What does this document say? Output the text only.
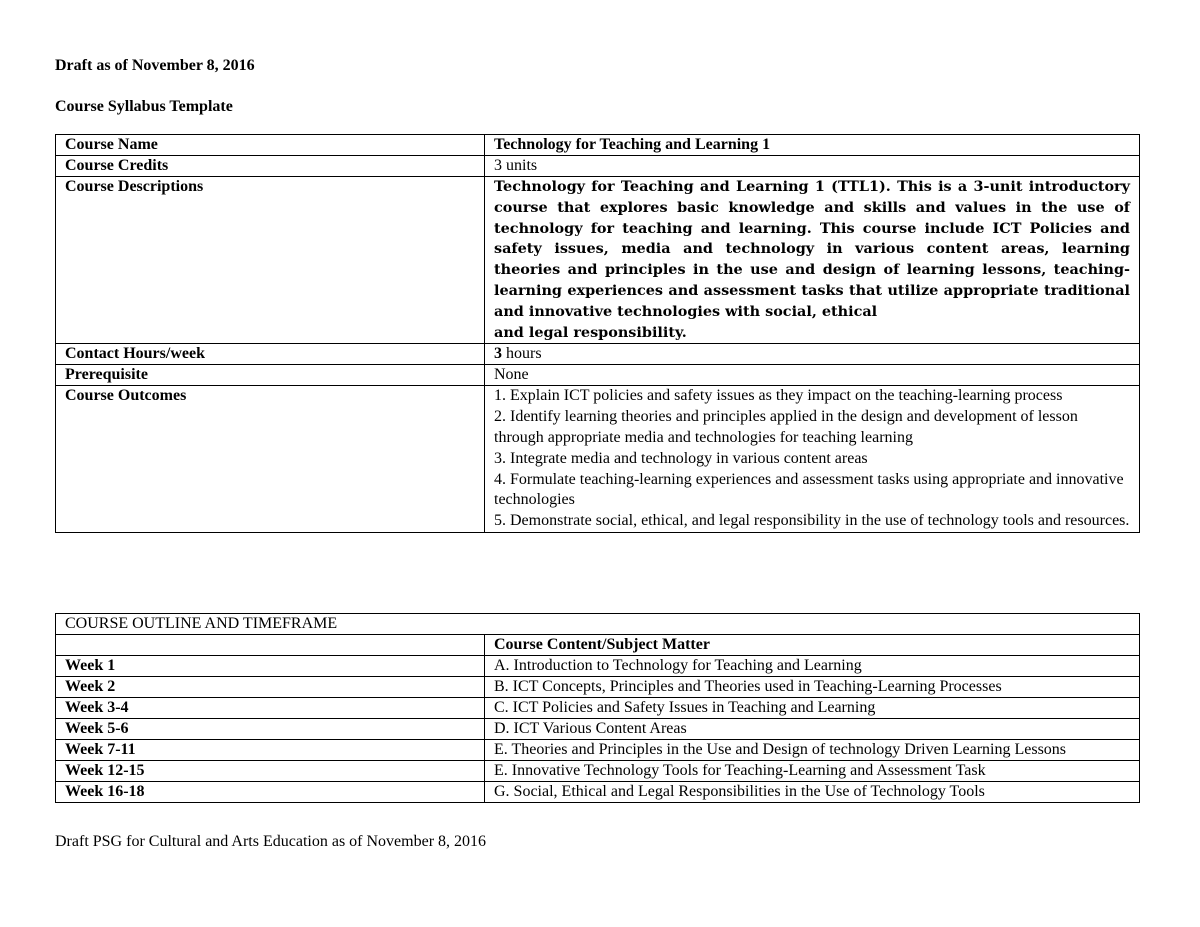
Draft as of November 8, 2016
Course Syllabus Template
Course Name	Technology for Teaching and Learning 1
Course Credits	3 units
Course Descriptions	Technology for Teaching and Learning 1 (TTL1). This is a 3-unit introductory course that explores basic knowledge and skills and values in the use of technology for teaching and learning. This course include ICT Policies and safety issues, media and technology in various content areas, learning theories and principles in the use and design of learning lessons, teaching-learning experiences and assessment tasks that utilize appropriate traditional and innovative technologies with social, ethical
and legal responsibility.

Contact Hours/week	3 hours
Prerequisite	None
Course Outcomes	1. Explain ICT policies and safety issues as they impact on the teaching-learning process

2. Identify learning theories and principles applied in the design and development of lesson through appropriate media and technologies for teaching learning

3. Integrate media and technology in various content areas

4. Formulate teaching-learning experiences and assessment tasks using appropriate and innovative technologies

5. Demonstrate social, ethical, and legal responsibility in the use of technology tools and resources.

COURSE OUTLINE AND TIMEFRAME	
	Course Content/Subject Matter
Week 1	A. Introduction to Technology for Teaching and Learning
Week 2	B. ICT Concepts, Principles and Theories used in Teaching-Learning Processes
Week 3-4	C. ICT Policies and Safety Issues in Teaching and Learning
Week 5-6	D. ICT Various Content Areas
Week 7-11	E. Theories and Principles in the Use and Design of technology Driven Learning Lessons
Week 12-15	E. Innovative Technology Tools for Teaching-Learning and Assessment Task
Week 16-18	G. Social, Ethical and Legal Responsibilities in the Use of Technology Tools
Draft PSG for Cultural and Arts Education as of November 8, 2016
